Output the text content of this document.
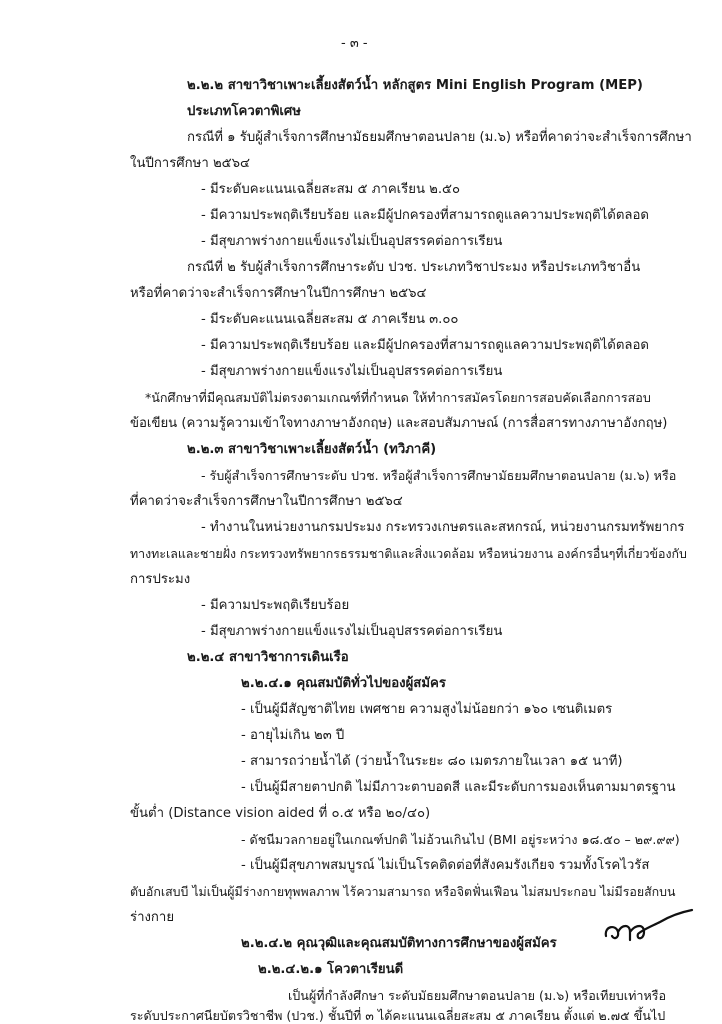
- ๓ -
๒.๒.๒ สาขาวิชาเพาะเลี้ยงสัตว์น้ำ หลักสูตร Mini English Program (MEP)
ประเภทโควตาพิเศษ
กรณีที่ ๑ รับผู้สำเร็จการศึกษามัธยมศึกษาตอนปลาย (ม.๖) หรือที่คาดว่าจะสำเร็จการศึกษา
ในปีการศึกษา ๒๕๖๔
- มีระดับคะแนนเฉลี่ยสะสม ๕ ภาคเรียน ๒.๕๐
- มีความประพฤติเรียบร้อย และมีผู้ปกครองที่สามารถดูแลความประพฤติได้ตลอด
- มีสุขภาพร่างกายแข็งแรงไม่เป็นอุปสรรคต่อการเรียน
กรณีที่ ๒ รับผู้สำเร็จการศึกษาระดับ ปวช. ประเภทวิชาประมง หรือประเภทวิชาอื่น
หรือที่คาดว่าจะสำเร็จการศึกษาในปีการศึกษา ๒๕๖๔
- มีระดับคะแนนเฉลี่ยสะสม ๕ ภาคเรียน ๓.๐๐
- มีความประพฤติเรียบร้อย และมีผู้ปกครองที่สามารถดูแลความประพฤติได้ตลอด
- มีสุขภาพร่างกายแข็งแรงไม่เป็นอุปสรรคต่อการเรียน
*นักศึกษาที่มีคุณสมบัติไม่ตรงตามเกณฑ์ที่กำหนด ให้ทำการสมัครโดยการสอบคัดเลือกการสอบ
ข้อเขียน (ความรู้ความเข้าใจทางภาษาอังกฤษ) และสอบสัมภาษณ์ (การสื่อสารทางภาษาอังกฤษ)
๒.๒.๓ สาขาวิชาเพาะเลี้ยงสัตว์น้ำ (ทวิภาคี)
- รับผู้สำเร็จการศึกษาระดับ ปวช. หรือผู้สำเร็จการศึกษามัธยมศึกษาตอนปลาย (ม.๖) หรือ
ที่คาดว่าจะสำเร็จการศึกษาในปีการศึกษา ๒๕๖๔
- ทำงานในหน่วยงานกรมประมง กระทรวงเกษตรและสหกรณ์, หน่วยงานกรมทรัพยากร
ทางทะเลและชายฝั่ง กระทรวงทรัพยากรธรรมชาติและสิ่งแวดล้อม หรือหน่วยงาน องค์กรอื่นๆที่เกี่ยวข้องกับ
การประมง
- มีความประพฤติเรียบร้อย
- มีสุขภาพร่างกายแข็งแรงไม่เป็นอุปสรรคต่อการเรียน
๒.๒.๔ สาขาวิชาการเดินเรือ
๒.๒.๔.๑ คุณสมบัติทั่วไปของผู้สมัคร
- เป็นผู้มีสัญชาติไทย เพศชาย ความสูงไม่น้อยกว่า ๑๖๐ เซนติเมตร
- อายุไม่เกิน ๒๓ ปี
- สามารถว่ายน้ำได้ (ว่ายน้ำในระยะ ๘๐ เมตรภายในเวลา ๑๕ นาที)
- เป็นผู้มีสายตาปกติ ไม่มีภาวะตาบอดสี และมีระดับการมองเห็นตามมาตรฐาน
ขั้นต่ำ (Distance vision aided ที่ ๐.๕ หรือ ๒๐/๔๐)
- ดัชนีมวลกายอยู่ในเกณฑ์ปกติ ไม่อ้วนเกินไป (BMI อยู่ระหว่าง ๑๘.๕๐ – ๒๙.๙๙)
- เป็นผู้มีสุขภาพสมบูรณ์ ไม่เป็นโรคติดต่อที่สังคมรังเกียจ รวมทั้งโรคไวรัส
ตับอักเสบบี ไม่เป็นผู้มีร่างกายทุพพลภาพ ไร้ความสามารถ หรือจิตฟั่นเฟือน ไม่สมประกอบ ไม่มีรอยสักบน
ร่างกาย
๒.๒.๔.๒ คุณวุฒิและคุณสมบัติทางการศึกษาของผู้สมัคร
๒.๒.๔.๒.๑ โควตาเรียนดี
เป็นผู้ที่กำลังศึกษา ระดับมัธยมศึกษาตอนปลาย (ม.๖) หรือเทียบเท่าหรือ
ระดับประกาศนียบัตรวิชาชีพ (ปวช.) ชั้นปีที่ ๓ ได้คะแนนเฉลี่ยสะสม ๕ ภาคเรียน ตั้งแต่ ๒.๗๕ ขึ้นไป
